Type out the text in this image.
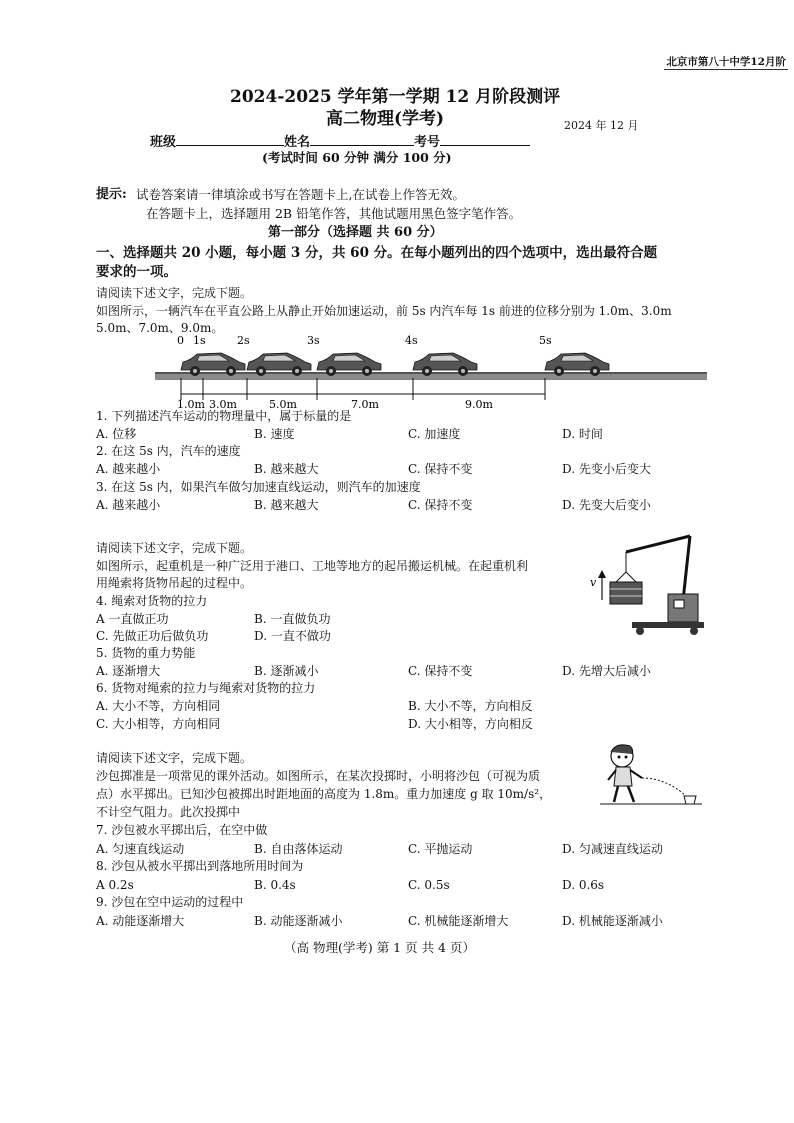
北京市第八十中学12月阶
2024-2025 学年第一学期 12 月阶段测评
高二物理(学考)	2024 年 12 月
班级	姓名	考号
(考试时间 60 分钟 满分 100 分)
提示: 试卷答案请一律填涂或书写在答题卡上,在试卷上作答无效。
在答题卡上，选择题用 2B 铅笔作答，其他试题用黑色签字笔作答。
第一部分（选择题 共 60 分）
一、选择题共 20 小题，每小题 3 分，共 60 分。在每小题列出的四个选项中，选出最符合题
要求的一项。
请阅读下述文字，完成下题。
如图所示，一辆汽车在平直公路上从静止开始加速运动，前 5s 内汽车每 1s 前进的位移分别为 1.0m、3.0m
5.0m、7.0m、9.0m。
0 1s	2s	3s	4s	5s
1.0m 3.0m	5.0m	7.0m	9.0m
1. 下列描述汽车运动的物理量中，属于标量的是
A. 位移	B. 速度	C. 加速度	D. 时间
2. 在这 5s 内，汽车的速度
A. 越来越小	B. 越来越大	C. 保持不变	D. 先变小后变大
3. 在这 5s 内，如果汽车做匀加速直线运动，则汽车的加速度
A. 越来越小	B. 越来越大	C. 保持不变	D. 先变大后变小
请阅读下述文字，完成下题。
如图所示，起重机是一种广泛用于港口、工地等地方的起吊搬运机械。在起重机利
用绳索将货物吊起的过程中。	v
4. 绳索对货物的拉力
A 一直做正功	B. 一直做负功
C. 先做正功后做负功	D. 一直不做功
5. 货物的重力势能
A. 逐渐增大	B. 逐渐减小	C. 保持不变	D. 先增大后减小
6. 货物对绳索的拉力与绳索对货物的拉力
A. 大小不等，方向相同	B. 大小不等，方向相反
C. 大小相等，方向相同	D. 大小相等，方向相反
请阅读下述文字，完成下题。
沙包掷准是一项常见的课外活动。如图所示，在某次投掷时，小明将沙包（可视为质
点）水平掷出。已知沙包被掷出时距地面的高度为 1.8m。重力加速度 g 取 10m/s²，
不计空气阻力。此次投掷中
7. 沙包被水平掷出后，在空中做
A. 匀速直线运动	B. 自由落体运动	C. 平抛运动	D. 匀减速直线运动
8. 沙包从被水平掷出到落地所用时间为
A 0.2s	B. 0.4s	C. 0.5s	D. 0.6s
9. 沙包在空中运动的过程中
A. 动能逐渐增大	B. 动能逐渐减小	C. 机械能逐渐增大	D. 机械能逐渐减小
（高 物理(学考) 第 1 页 共 4 页）
